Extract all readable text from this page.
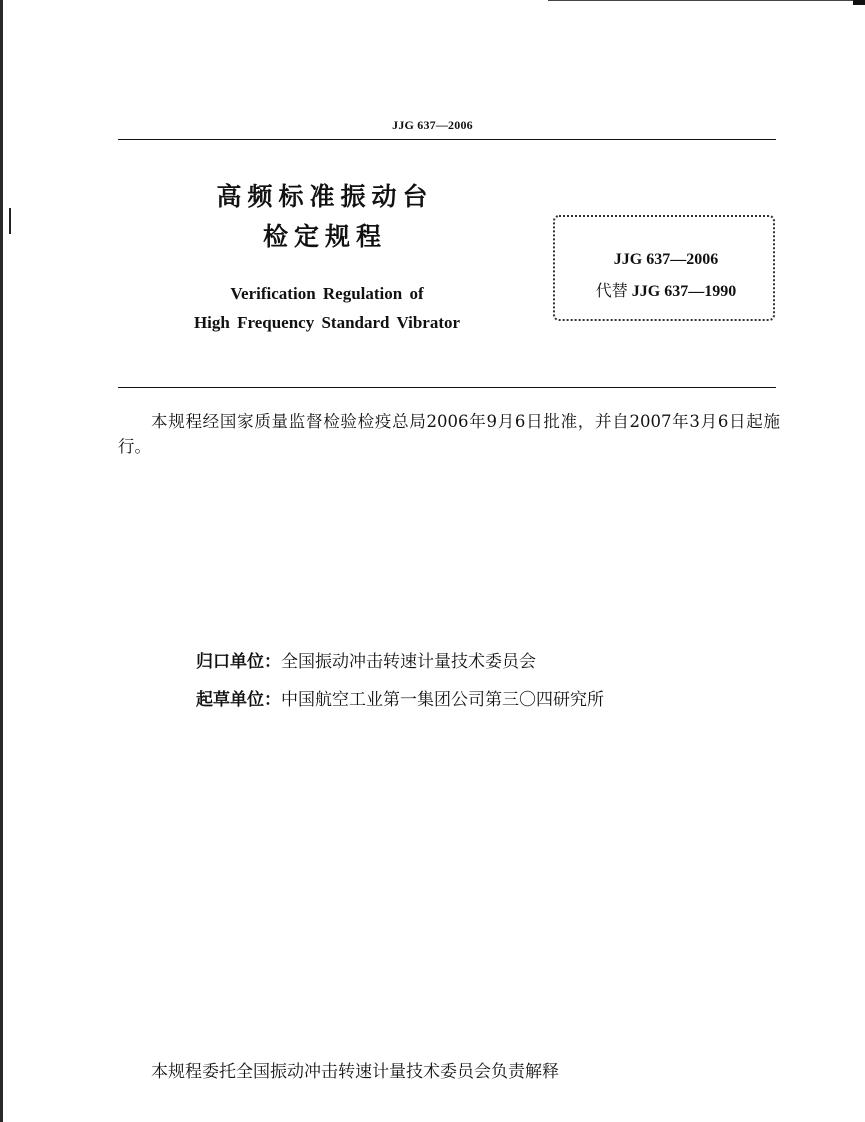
JJG 637—2006
高频标准振动台
检定规程
Verification Regulation of
High Frequency Standard Vibrator
JJG 637—2006
代替 JJG 637—1990
本规程经国家质量监督检验检疫总局2006年9月6日批准，并自2007年3月6日起施行。
归口单位：全国振动冲击转速计量技术委员会
起草单位：中国航空工业第一集团公司第三〇四研究所
本规程委托全国振动冲击转速计量技术委员会负责解释
